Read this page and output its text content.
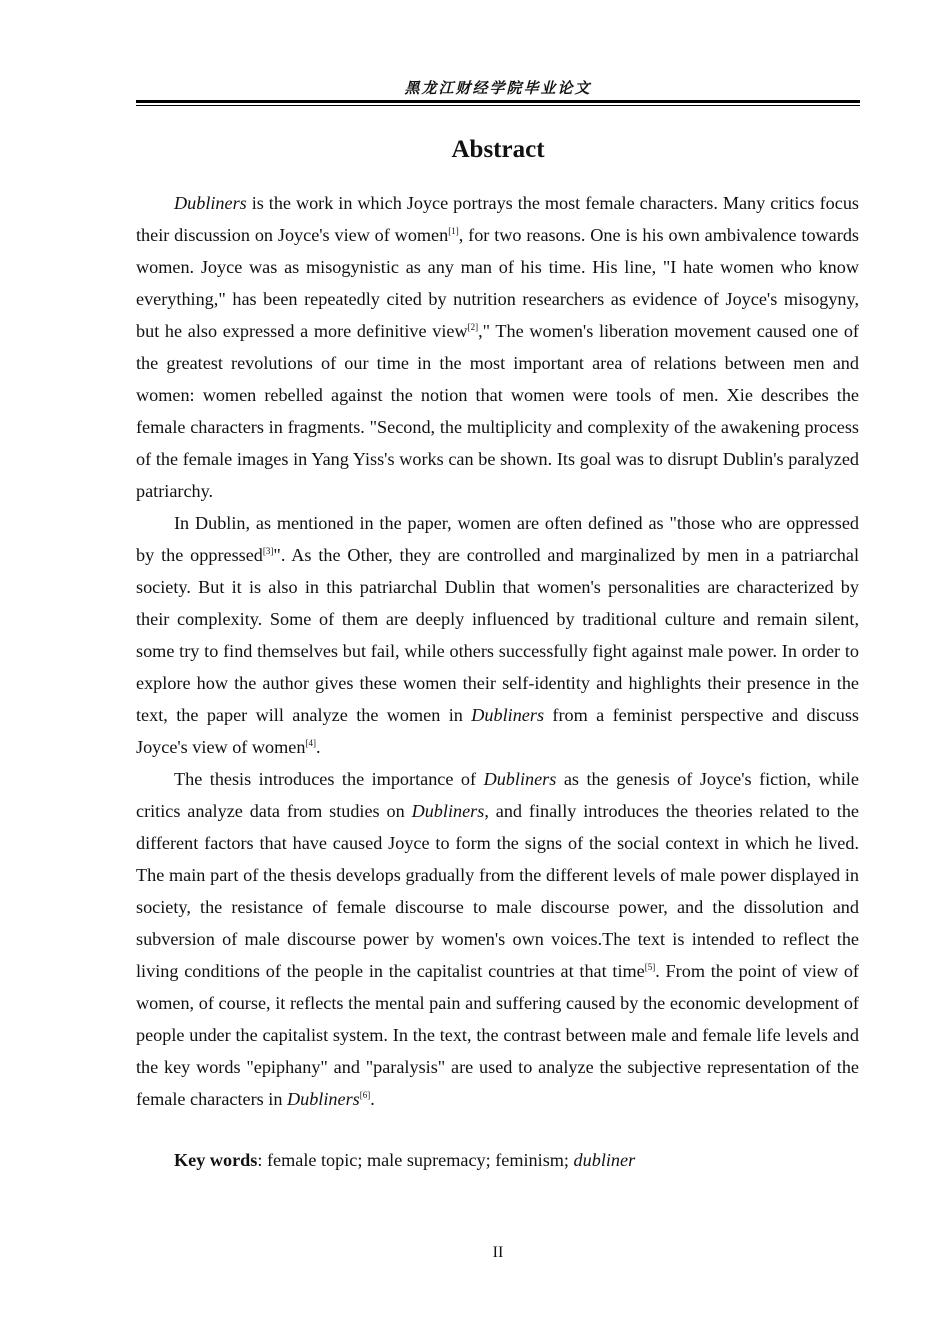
黑龙江财经学院毕业论文
Abstract

Dubliners is the work in which Joyce portrays the most female characters. Many critics focus their discussion on Joyce's view of women[1], for two reasons. One is his own ambivalence towards women. Joyce was as misogynistic as any man of his time. His line, "I hate women who know everything," has been repeatedly cited by nutrition researchers as evidence of Joyce's misogyny, but he also expressed a more definitive view[2]," The women's liberation movement caused one of the greatest revolutions of our time in the most important area of relations between men and women: women rebelled against the notion that women were tools of men. Xie describes the female characters in fragments. "Second, the multiplicity and complexity of the awakening process of the female images in Yang Yiss's works can be shown. Its goal was to disrupt Dublin's paralyzed patriarchy.

In Dublin, as mentioned in the paper, women are often defined as "those who are oppressed by the oppressed[3]". As the Other, they are controlled and marginalized by men in a patriarchal society. But it is also in this patriarchal Dublin that women's personalities are characterized by their complexity. Some of them are deeply influenced by traditional culture and remain silent, some try to find themselves but fail, while others successfully fight against male power. In order to explore how the author gives these women their self-identity and highlights their presence in the text, the paper will analyze the women in Dubliners from a feminist perspective and discuss Joyce's view of women[4].

The thesis introduces the importance of Dubliners as the genesis of Joyce's fiction, while critics analyze data from studies on Dubliners, and finally introduces the theories related to the different factors that have caused Joyce to form the signs of the social context in which he lived. The main part of the thesis develops gradually from the different levels of male power displayed in society, the resistance of female discourse to male discourse power, and the dissolution and subversion of male discourse power by women's own voices.The text is intended to reflect the living conditions of the people in the capitalist countries at that time[5]. From the point of view of women, of course, it reflects the mental pain and suffering caused by the economic development of people under the capitalist system. In the text, the contrast between male and female life levels and the key words "epiphany" and "paralysis" are used to analyze the subjective representation of the female characters in Dubliners[6].

Key words: female topic; male supremacy; feminism; dubliner
II
